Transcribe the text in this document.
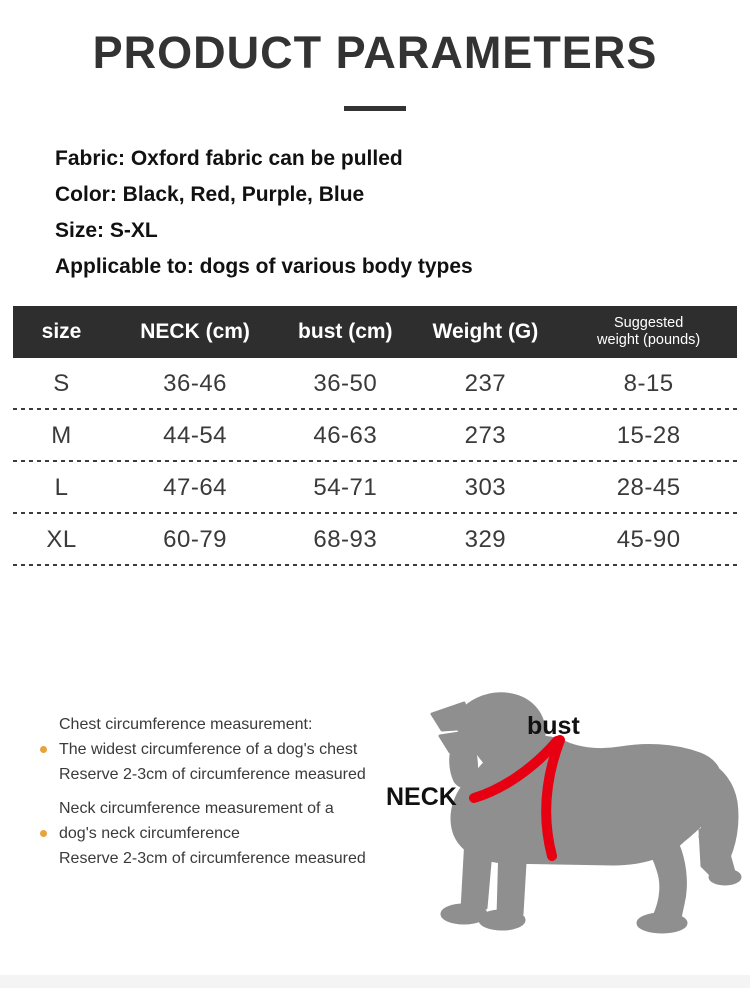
PRODUCT PARAMETERS

Fabric: Oxford fabric can be pulled

Color: Black, Red, Purple, Blue

Size: S-XL

Applicable to: dogs of various body types

size	NECK (cm)	bust (cm)	Weight (G)	Suggested
weight (pounds)
S	36-46	36-50	237	8-15
M	44-54	46-63	273	15-28
L	47-64	54-71	303	28-45
XL	60-79	68-93	329	45-90

Chest circumference measurement:

The widest circumference of a dog's chest

Reserve 2-3cm of circumference measured

Neck circumference measurement of a

dog's neck circumference

Reserve 2-3cm of circumference measured

bust
NECK
